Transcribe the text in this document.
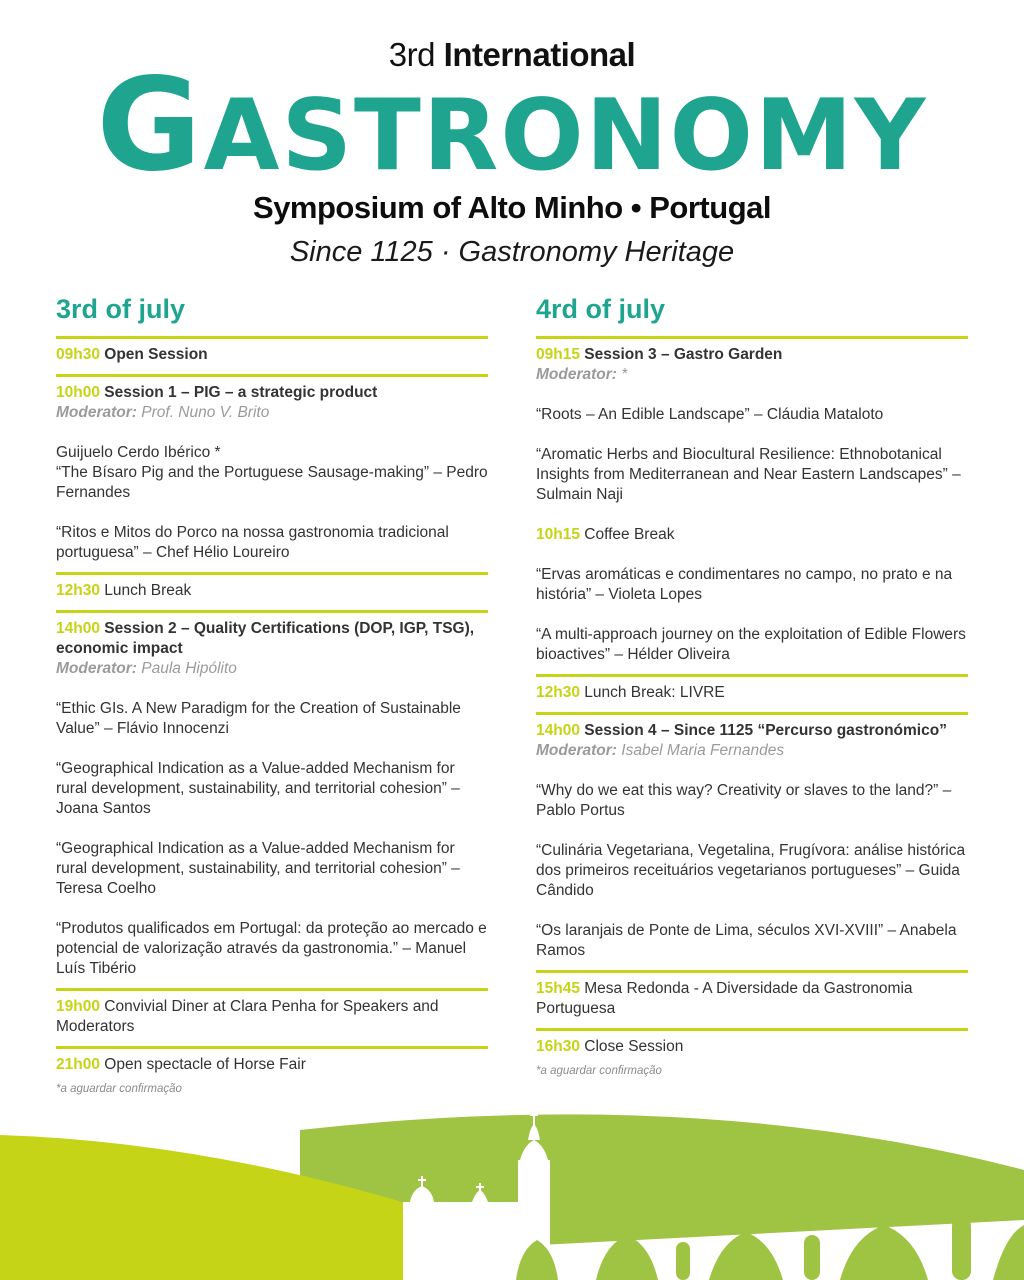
3rd International
GASTRONOMY
Symposium of Alto Minho • Portugal
Since 1125 · Gastronomy Heritage
3rd of july
09h30 Open Session
10h00 Session 1 – PIG – a strategic product
Moderator: Prof. Nuno V. Brito
Guijuelo Cerdo Ibérico *
“The Bísaro Pig and the Portuguese Sausage-making” – Pedro Fernandes
“Ritos e Mitos do Porco na nossa gastronomia tradicional portuguesa” – Chef Hélio Loureiro
12h30 Lunch Break
14h00 Session 2 – Quality Certifications (DOP, IGP, TSG), economic impact
Moderator: Paula Hipólito
“Ethic GIs. A New Paradigm for the Creation of Sustainable Value” – Flávio Innocenzi
“Geographical Indication as a Value-added Mechanism for rural development, sustainability, and territorial cohesion” – Joana Santos
“Geographical Indication as a Value-added Mechanism for rural development, sustainability, and territorial cohesion” – Teresa Coelho
“Produtos qualificados em Portugal: da proteção ao mercado e potencial de valorização através da gastronomia.” – Manuel Luís Tibério
19h00 Convivial Diner at Clara Penha for Speakers and Moderators
21h00 Open spectacle of Horse Fair
*a aguardar confirmação
4rd of july
09h15 Session 3 – Gastro Garden
Moderator: *
“Roots – An Edible Landscape” – Cláudia Mataloto
“Aromatic Herbs and Biocultural Resilience: Ethnobotanical Insights from Mediterranean and Near Eastern Landscapes” – Sulmain Naji
10h15 Coffee Break
“Ervas aromáticas e condimentares no campo, no prato e na história” – Violeta Lopes
“A multi-approach journey on the exploitation of Edible Flowers bioactives” – Hélder Oliveira
12h30 Lunch Break: LIVRE
14h00 Session 4 – Since 1125 “Percurso gastronómico”
Moderator: Isabel Maria Fernandes
“Why do we eat this way? Creativity or slaves to the land?” – Pablo Portus
“Culinária Vegetariana, Vegetalina, Frugívora: análise histórica dos primeiros receituários vegetarianos portugueses” – Guida Cândido
“Os laranjais de Ponte de Lima, séculos XVI-XVIII” – Anabela Ramos
15h45 Mesa Redonda - A Diversidade da Gastronomia Portuguesa
16h30 Close Session
*a aguardar confirmação
